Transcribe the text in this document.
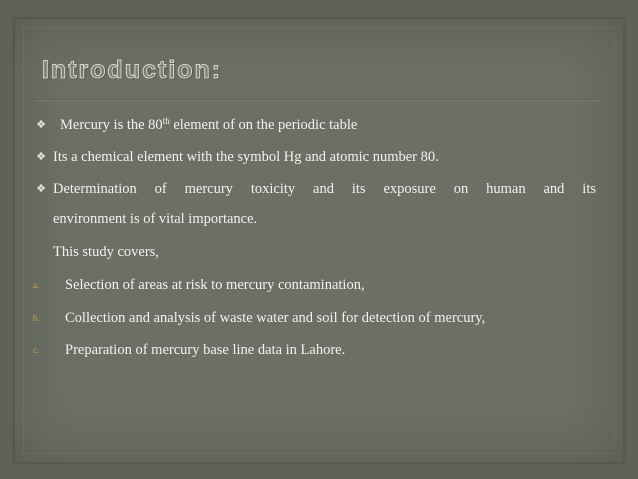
Introduction:
❖ Mercury is the 80th element of on the periodic table
❖ Its a chemical element with the symbol Hg and atomic number 80.
❖ Determination of mercury toxicity and its exposure on human and its
environment is of vital importance.
This study covers,
a. Selection of areas at risk to mercury contamination,
b. Collection and analysis of waste water and soil for detection of mercury,
c. Preparation of mercury base line data in Lahore.
